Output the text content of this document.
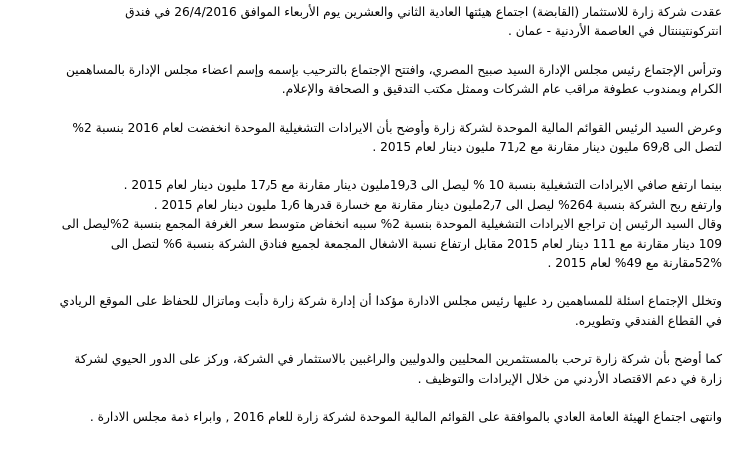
عقدت شركة زارة للاستثمار (القابضة) اجتماع هيئتها العادية الثاني والعشرين يوم الأربعاء الموافق 26/4/2016 في فندق
انتركونتيننتال في العاصمة الأردنية - عمان .

وترأس الإجتماع رئيس مجلس الإدارة السيد صبيح المصري، وافتتح الإجتماع بالترحيب بإسمه وإسم اعضاء مجلس الإدارة بالمساهمين
الكرام وبمندوب عطوفة مراقب عام الشركات وممثل مكتب التدقيق و الصحافة والإعلام.

وعرض السيد الرئيس القوائم المالية الموحدة لشركة زارة وأوضح بأن الايرادات التشغيلية الموحدة انخفضت لعام 2016 بنسبة 2%
لتصل الى 69٫8 مليون دينار مقارنة مع 71٫2 مليون دينار لعام 2015 .

بينما ارتفع صافي الايرادات التشغيلية بنسبة 10 % ليصل الى 19٫3مليون دينار مقارنة مع 17٫5 مليون دينار لعام 2015 .
وارتفع ربح الشركة بنسبة 264% ليصل الى 2٫7مليون دينار مقارنة مع خسارة قدرها 1٫6 مليون دينار لعام 2015 .
وقال السيد الرئيس إن تراجع الايرادات التشغيلية الموحدة بنسبة 2% سببه انخفاض متوسط سعر الغرفة المجمع بنسبة 2%ليصل الى
109 دينار مقارنة مع 111 دينار لعام 2015 مقابل ارتفاع نسبة الاشغال المجمعة لجميع فنادق الشركة بنسبة 6% لتصل الى
52%مقارنة مع 49% لعام 2015 .

وتخلل الإجتماع اسئلة للمساهمين رد عليها رئيس مجلس الادارة مؤكدا أن إدارة شركة زارة دأبت وماتزال للحفاظ على الموقع الريادي
في القطاع الفندقي وتطويره.

كما أوضح بأن شركة زارة ترحب بالمستثمرين المحليين والدوليين والراغبين بالاستثمار في الشركة، وركز على الدور الحيوي لشركة
زارة في دعم الاقتصاد الأردني من خلال الإيرادات والتوظيف .

وانتهى اجتماع الهيئة العامة العادي بالموافقة على القوائم المالية الموحدة لشركة زارة للعام 2016 , وابراء ذمة مجلس الادارة .
